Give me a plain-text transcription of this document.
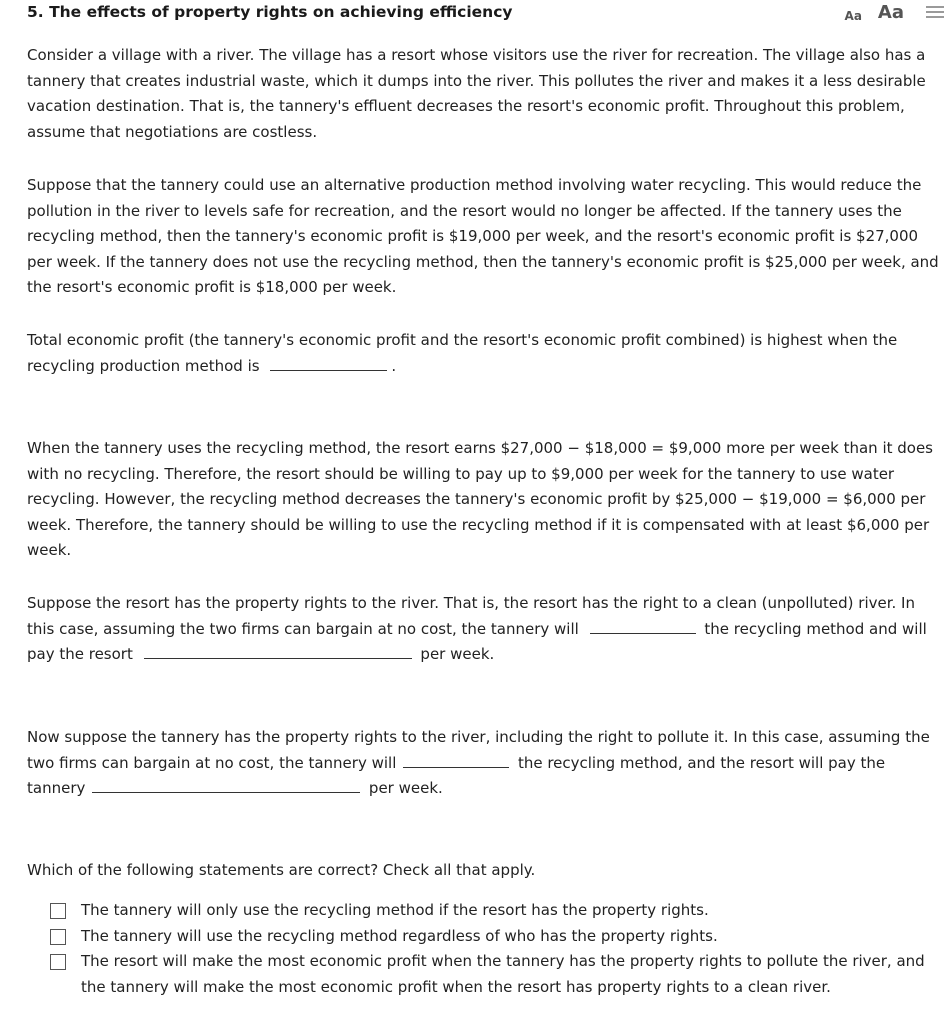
5. The effects of property rights on achieving efficiency	Aa Aa

Consider a village with a river. The village has a resort whose visitors use the river for recreation. The village also has a tannery that creates industrial waste, which it dumps into the river. This pollutes the river and makes it a less desirable vacation destination. That is, the tannery's effluent decreases the resort's economic profit. Throughout this problem, assume that negotiations are costless.

Suppose that the tannery could use an alternative production method involving water recycling. This would reduce the pollution in the river to levels safe for recreation, and the resort would no longer be affected. If the tannery uses the recycling method, then the tannery's economic profit is $19,000 per week, and the resort's economic profit is $27,000 per week. If the tannery does not use the recycling method, then the tannery's economic profit is $25,000 per week, and the resort's economic profit is $18,000 per week.

Total economic profit (the tannery's economic profit and the resort's economic profit combined) is highest when the recycling production method is	.

When the tannery uses the recycling method, the resort earns $27,000 − $18,000 = $9,000 more per week than it does with no recycling. Therefore, the resort should be willing to pay up to $9,000 per week for the tannery to use water recycling. However, the recycling method decreases the tannery's economic profit by $25,000 − $19,000 = $6,000 per week. Therefore, the tannery should be willing to use the recycling method if it is compensated with at least $6,000 per week.

Suppose the resort has the property rights to the river. That is, the resort has the right to a clean (unpolluted) river. In this case, assuming the two firms can bargain at no cost, the tannery will	the recycling method and will pay the resort	per week.

Now suppose the tannery has the property rights to the river, including the right to pollute it. In this case, assuming the two firms can bargain at no cost, the tannery will	the recycling method, and the resort will pay the tannery	per week.

Which of the following statements are correct? Check all that apply.

The tannery will only use the recycling method if the resort has the property rights.
The tannery will use the recycling method regardless of who has the property rights.
The resort will make the most economic profit when the tannery has the property rights to pollute the river, and the tannery will make the most economic profit when the resort has property rights to a clean river.
